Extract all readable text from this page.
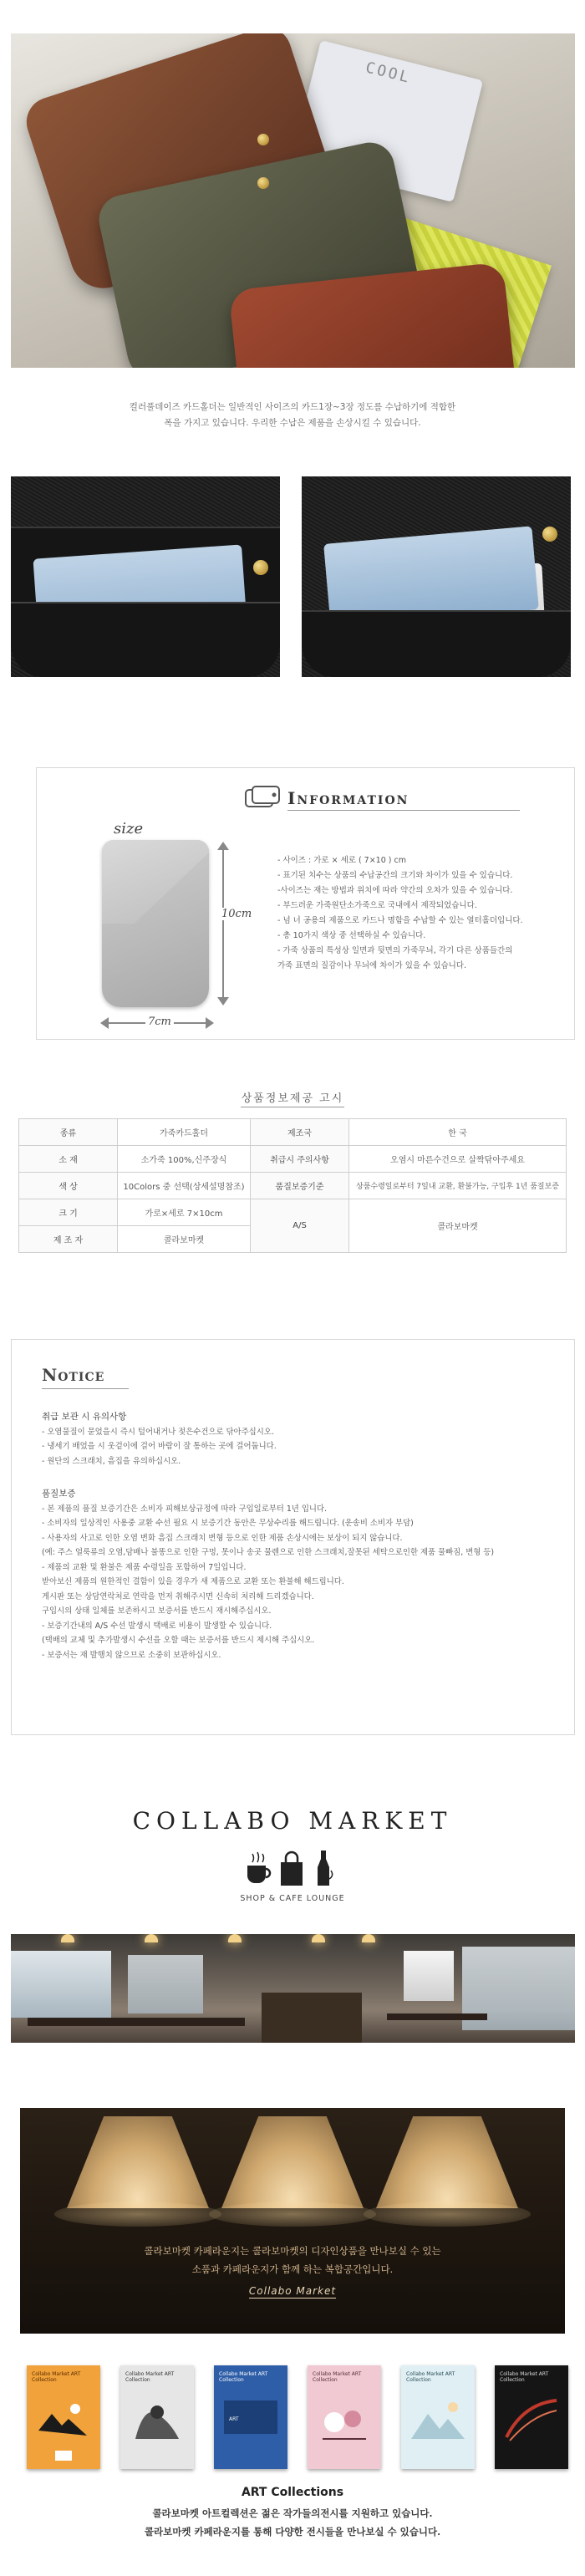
COOL
컬러풀데이즈 카드홀더는 일반적인 사이즈의 카드1장~3장 정도를 수납하기에 적합한
폭을 가지고 있습니다. 우리한 수납은 제품을 손상시킬 수 있습니다.
Information
size
10cm
7cm
- 사이즈 : 가로 × 세로 ( 7×10 ) cm
- 표기된 치수는 상품의 수납공간의 크기와 차이가 있을 수 있습니다.
-사이즈는 재는 방법과 위치에 따라 약간의 오차가 있을 수 있습니다.
- 부드러운 가죽원단소가죽으로 국내에서 제작되었습니다.
- 넘 너 공용의 제품으로 카드나 명함을 수납할 수 있는 열터홀더입니다.
- 총 10가지 색상 중 선택하실 수 있습니다.
- 가죽 상품의 특성상 일면과 뒷면의 가죽무늬, 각기 다른 상품들간의
가죽 표면의 질감이나 무늬에 차이가 있을 수 있습니다.
상품정보제공 고시
종류	가죽카드홀더	제조국	한 국
소 재	소가죽 100%,신주장식	취급시 주의사항	오염시 마른수건으로 살짝닦아주세요
색 상	10Colors 중 선택(상세설명참조)	품질보증기준	상품수령일로부터 7일내 교환, 환불가능, 구입후 1년 품질보증
크 기	가로×세로 7×10cm	A/S	콜라보마켓
제 조 자	콜라보마켓		
Notice
취급 보관 시 유의사항
- 오염물질이 묻었을시 즉시 털어내거나 젖은수건으로 닦아주십시오.
- 냉세기 배었을 시 웃겉이에 걸어 바람이 잘 통하는 곳에 걸어둡니다.
- 원단의 스크래치, 흠집을 유의하십시오.
품질보증
- 본 제품의 품질 보증기간은 소비자 피해보상규정에 따라 구입일로부터 1년 입니다.
- 소비자의 일상적인 사용중 교환 수선 필요 시 보증기간 동안은 무상수리를 해드립니다. (운송비 소비자 부담)
- 사용자의 사고로 인한 오염 변화 흠집 스크래치 변형 등으로 인한 제품 손상시에는 보상이 되지 않습니다.
(예: 주스 얼룩류의 오염,담배나 불똥으로 인한 구멍, 못이나 송곳 물렌으로 인한 스크래치,잘못된 세탁으로인한 제품 물빠짐, 변형 등)
- 제품의 교환 및 환불은 제품 수령일을 포함하여 7일입니다.
받아보신 제품의 원한적인 결함이 있을 경우가 새 제품으로 교환 또는 환불해 해드립니다.
게시판 또는 상담연락처로 연락을 먼저 취해주시면 신속히 처리해 드리겠습니다.
구입시의 상태 일체를 보존하시고 보증서를 반드시 재시해주십시오.
- 보증기간내의 A/S 수선 발생시 택배로 비용이 발생할 수 있습니다.
(택배의 교체 및 추가발생시 수선을 오할 때는 보증서를 반드시 제시해 주십시오.
- 보증서는 재 발행치 않으므로 소중히 보관하십시오.
COLLABO MARKET
SHOP & CAFE LOUNGE
콜라보마켓 카페라운지는 콜라보마켓의 디자인상품을 만나보실 수 있는
소품과 카페라운지가 함께 하는 복합공간입니다.
Collabo Market
Collabo Market ART Collection
Collabo Market ART Collection
Collabo Market ART Collection
ART
Collabo Market ART Collection
Collabo Market ART Collection
Collabo Market ART Collection
ART Collections
콜라보마켓 아트컬렉션은 젊은 작가들의전시를 지원하고 있습니다.
콜라보마켓 카페라운지를 통해 다양한 전시들을 만나보실 수 있습니다.
